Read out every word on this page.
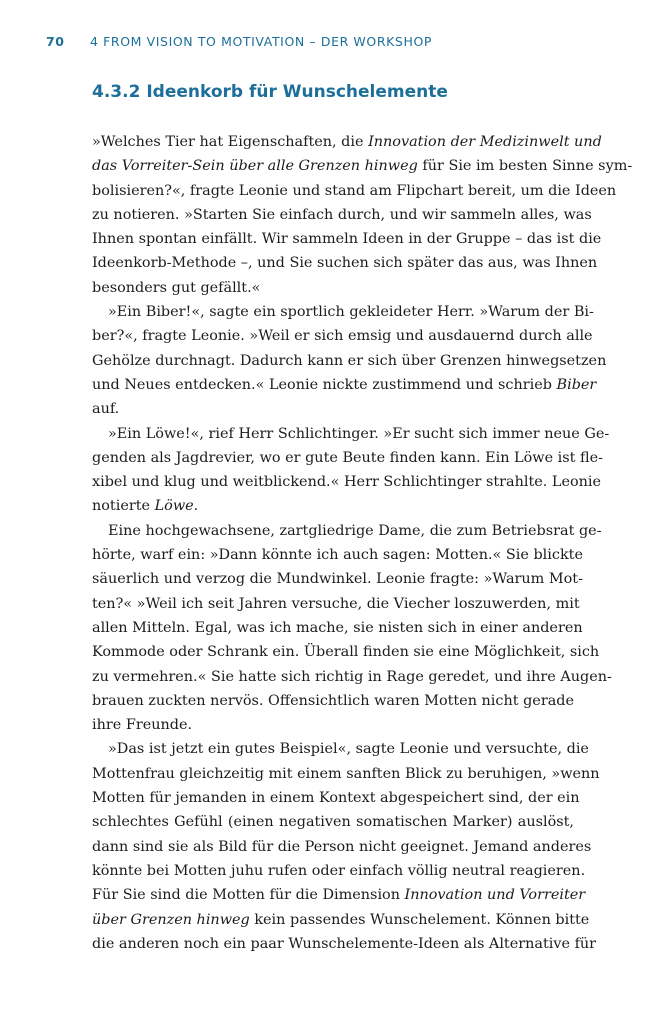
70 4 FROM VISION TO MOTIVATION – DER WORKSHOP
4.3.2 Ideenkorb für Wunschelemente
»Welches Tier hat Eigenschaften, die Innovation der Medizinwelt und
das Vorreiter-Sein über alle Grenzen hinweg für Sie im besten Sinne sym-
bolisieren?«, fragte Leonie und stand am Flipchart bereit, um die Ideen
zu notieren. »Starten Sie einfach durch, und wir sammeln alles, was
Ihnen spontan einfällt. Wir sammeln Ideen in der Gruppe – das ist die
Ideenkorb-Methode –, und Sie suchen sich später das aus, was Ihnen
besonders gut gefällt.«
»Ein Biber!«, sagte ein sportlich gekleideter Herr. »Warum der Bi-
ber?«, fragte Leonie. »Weil er sich emsig und ausdauernd durch alle
Gehölze durchnagt. Dadurch kann er sich über Grenzen hinwegsetzen
und Neues entdecken.« Leonie nickte zustimmend und schrieb Biber
auf.
»Ein Löwe!«, rief Herr Schlichtinger. »Er sucht sich immer neue Ge-
genden als Jagdrevier, wo er gute Beute finden kann. Ein Löwe ist fle-
xibel und klug und weitblickend.« Herr Schlichtinger strahlte. Leonie
notierte Löwe.
Eine hochgewachsene, zartgliedrige Dame, die zum Betriebsrat ge-
hörte, warf ein: »Dann könnte ich auch sagen: Motten.« Sie blickte
säuerlich und verzog die Mundwinkel. Leonie fragte: »Warum Mot-
ten?« »Weil ich seit Jahren versuche, die Viecher loszuwerden, mit
allen Mitteln. Egal, was ich mache, sie nisten sich in einer anderen
Kommode oder Schrank ein. Überall finden sie eine Möglichkeit, sich
zu vermehren.« Sie hatte sich richtig in Rage geredet, und ihre Augen-
brauen zuckten nervös. Offensichtlich waren Motten nicht gerade
ihre Freunde.
»Das ist jetzt ein gutes Beispiel«, sagte Leonie und versuchte, die
Mottenfrau gleichzeitig mit einem sanften Blick zu beruhigen, »wenn
Motten für jemanden in einem Kontext abgespeichert sind, der ein
schlechtes Gefühl (einen negativen somatischen Marker) auslöst,
dann sind sie als Bild für die Person nicht geeignet. Jemand anderes
könnte bei Motten juhu rufen oder einfach völlig neutral reagieren.
Für Sie sind die Motten für die Dimension Innovation und Vorreiter
über Grenzen hinweg kein passendes Wunschelement. Können bitte
die anderen noch ein paar Wunschelemente-Ideen als Alternative für
